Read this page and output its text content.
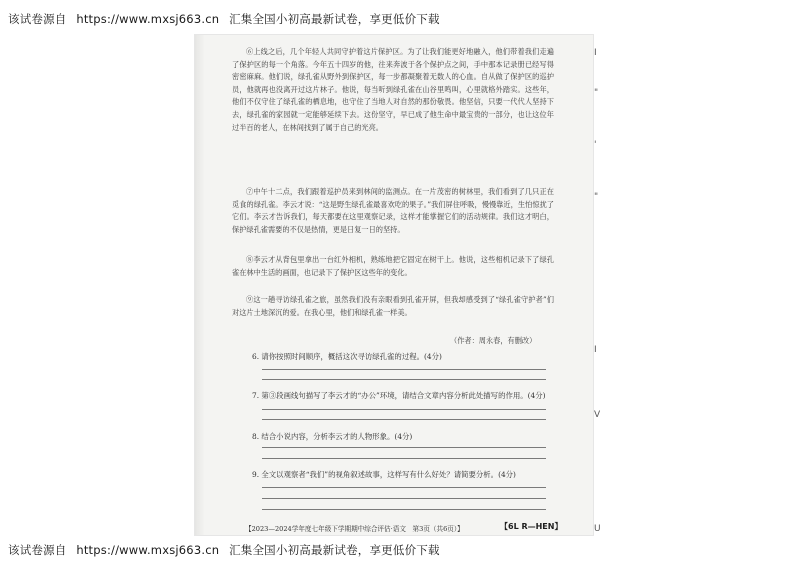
该试卷源自 https://www.mxsj663.cn 汇集全国小初高最新试卷，享更低价下载
⑥上线之后，几个年轻人共同守护着这片保护区。为了让我们能更好地融入，他们带着我们走遍了保护区的每一个角落。今年五十四岁的他，往来奔波于各个保护点之间，手中那本记录册已经写得密密麻麻。他们说，绿孔雀从野外到保护区，每一步都凝聚着无数人的心血。自从做了保护区的巡护员，他就再也没离开过这片林子。他说，每当听到绿孔雀在山谷里鸣叫，心里就格外踏实。这些年，他们不仅守住了绿孔雀的栖息地，也守住了当地人对自然的那份敬畏。他坚信，只要一代代人坚持下去，绿孔雀的家园就一定能够延续下去。这份坚守，早已成了他生命中最宝贵的一部分，也让这位年过半百的老人，在林间找到了属于自己的光亮。
⑦中午十二点，我们跟着巡护员来到林间的监测点。在一片茂密的树林里，我们看到了几只正在觅食的绿孔雀。李云才说：“这是野生绿孔雀最喜欢吃的果子。”我们屏住呼吸，慢慢靠近，生怕惊扰了它们。李云才告诉我们，每天都要在这里观察记录，这样才能掌握它们的活动规律。我们这才明白，保护绿孔雀需要的不仅是热情，更是日复一日的坚持。
⑧李云才从背包里拿出一台红外相机，熟练地把它固定在树干上。他说，这些相机记录下了绿孔雀在林中生活的画面，也记录下了保护区这些年的变化。
⑨这一趟寻访绿孔雀之旅，虽然我们没有亲眼看到孔雀开屏，但我却感受到了“绿孔雀守护者”们对这片土地深沉的爱。在我心里，他们和绿孔雀一样美。
（作者：周永春，有删改）
6. 请你按照时间顺序，概括这次寻访绿孔雀的过程。(4分)
7. 第③段画线句描写了李云才的“办公”环境，请结合文章内容分析此处描写的作用。(4分)
8. 结合小说内容，分析李云才的人物形象。(4分)
9. 全文以观察者“我们”的视角叙述故事，这样写有什么好处？请简要分析。(4分)
【2023—2024学年度七年级下学期期中综合评估·语文　第3页（共6页）】	【6L R—HEN】
I
"
'
"
I
V
U
该试卷源自 https://www.mxsj663.cn 汇集全国小初高最新试卷，享更低价下载
